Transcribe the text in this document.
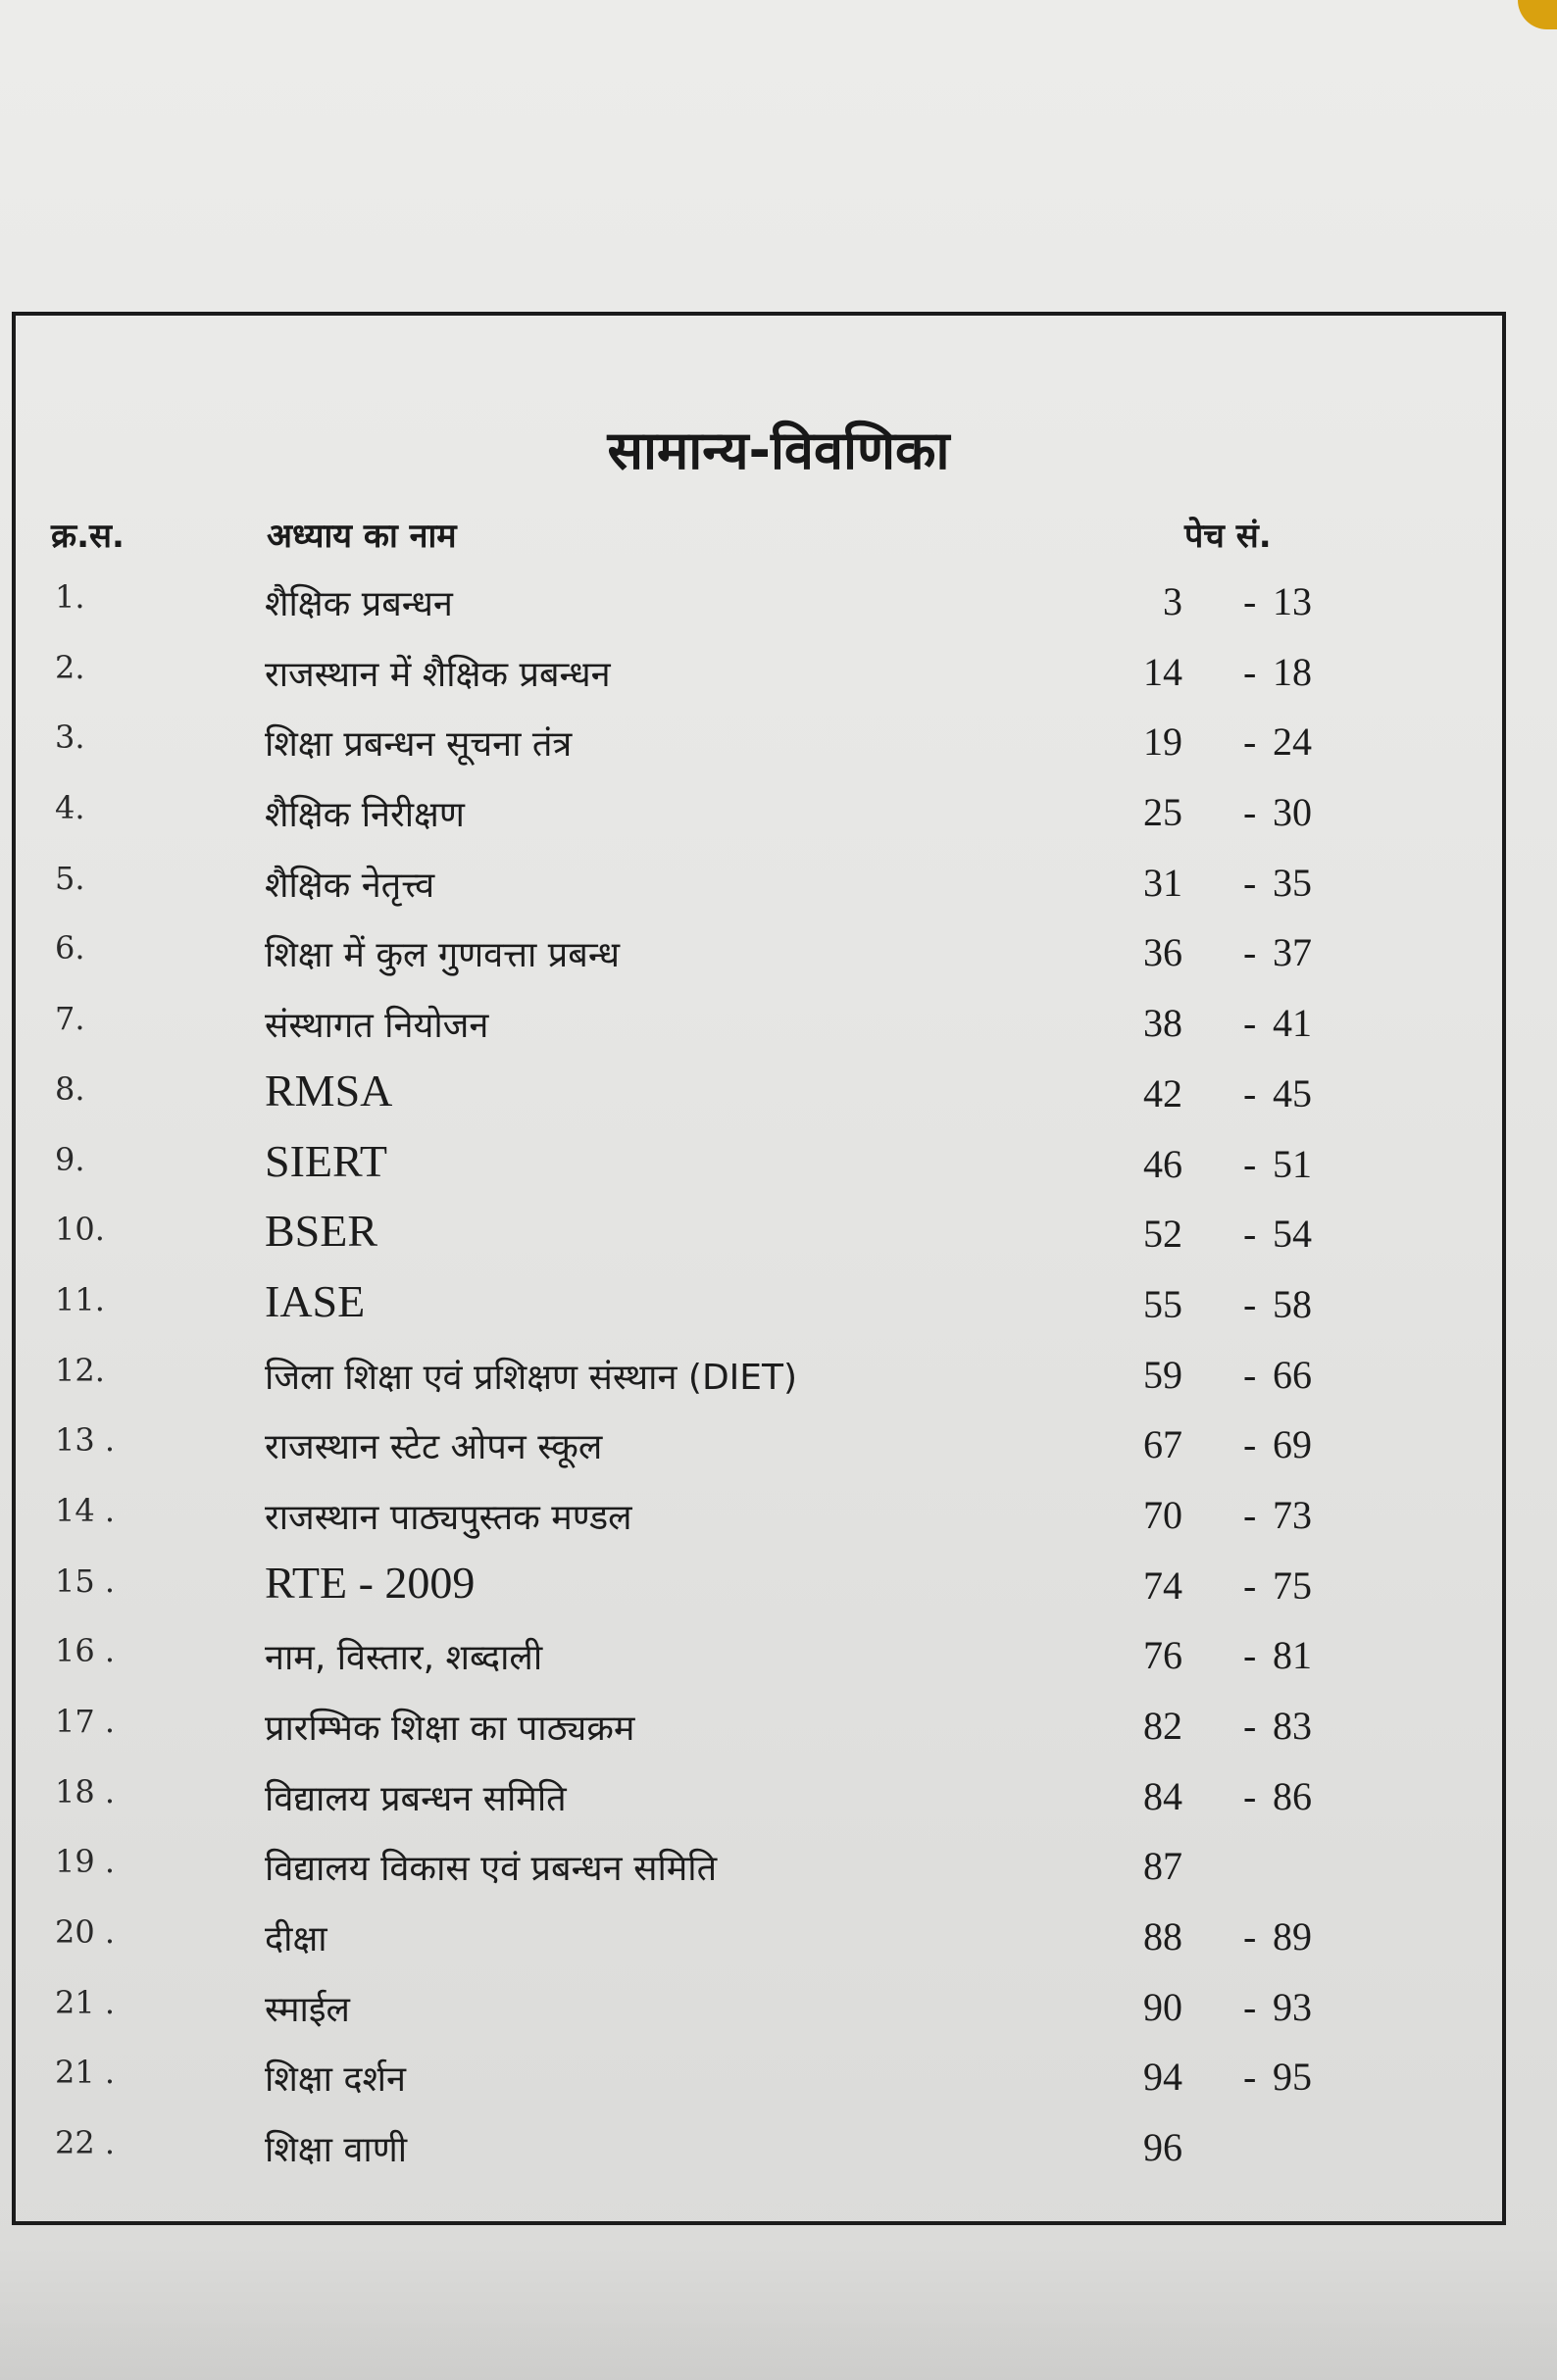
सामान्य-विवणिका
क्र.स.	अध्याय का नाम	पेच सं.
1.	शैक्षिक प्रबन्धन	3 - 13
2.	राजस्थान में शैक्षिक प्रबन्धन	14 - 18
3.	शिक्षा प्रबन्धन सूचना तंत्र	19 - 24
4.	शैक्षिक निरीक्षण	25 - 30
5.	शैक्षिक नेतृत्त्व	31 - 35
6.	शिक्षा में कुल गुणवत्ता प्रबन्ध	36 - 37
7.	संस्थागत नियोजन	38 - 41
8.	RMSA	42 - 45
9.	SIERT	46 - 51
10.	BSER	52 - 54
11.	IASE	55 - 58
12.	जिला शिक्षा एवं प्रशिक्षण संस्थान (DIET)	59 - 66
13 .	राजस्थान स्टेट ओपन स्कूल	67 - 69
14 .	राजस्थान पाठ्यपुस्तक मण्डल	70 - 73
15 .	RTE - 2009	74 - 75
16 .	नाम, विस्तार, शब्दाली	76 - 81
17 .	प्रारम्भिक शिक्षा का पाठ्यक्रम	82 - 83
18 .	विद्यालय प्रबन्धन समिति	84 - 86
19 .	विद्यालय विकास एवं प्रबन्धन समिति	87
20 .	दीक्षा	88 - 89
21 .	स्माईल	90 - 93
21 .	शिक्षा दर्शन	94 - 95
22 .	शिक्षा वाणी	96
